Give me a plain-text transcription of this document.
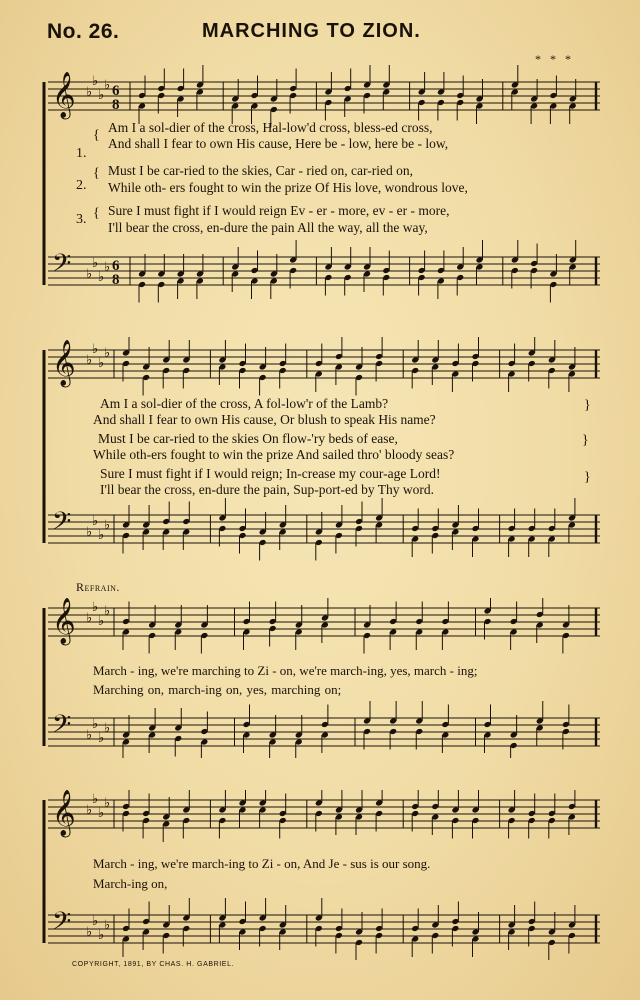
No. 26.	MARCHING TO ZION.
* * *
𝄞 ♭
♭
♭
♭ 6
8
𝄢 ♭
♭
♭
♭ 6
8
1.
{
Am I a sol-dier of the cross, Hal-low'd cross, bless-ed cross,
And shall I fear to own His cause, Here be - low, here be - low,
2.
{ Must I be car-ried to the skies, Car - ried on, car-ried on,
While oth- ers fought to win the prize Of His love, wondrous love,
3. { Sure I must fight if I would reign Ev - er - more, ev - er - more,
I'll bear the cross, en-dure the pain All the way, all the way,
𝄞 ♭
♭
♭
♭
𝄢 ♭
♭
♭
♭
Am I a sol-dier of the cross, A fol-low'r of the Lamb?
And shall I fear to own His cause, Or blush to speak His name?
Must I be car-ried to the skies On flow-'ry beds of ease,
While oth-ers fought to win the prize And sailed thro' bloody seas?
Sure I must fight if I would reign; In-crease my cour-age Lord!
I'll bear the cross, en-dure the pain, Sup-port-ed by Thy word.
}
}
}
Refrain.
𝄞 ♭
♭
♭
♭
𝄢 ♭
♭
♭
♭
March - ing, we're marching to Zi - on, we're march-ing, yes, march - ing;
Marching on, march-ing on, yes, marching on;
𝄞 ♭
♭
♭
♭
𝄢 ♭
♭
♭
♭
March - ing, we're march-ing to Zi - on, And Je - sus is our song.
March-ing on,
COPYRIGHT, 1891, BY CHAS. H. GABRIEL.
